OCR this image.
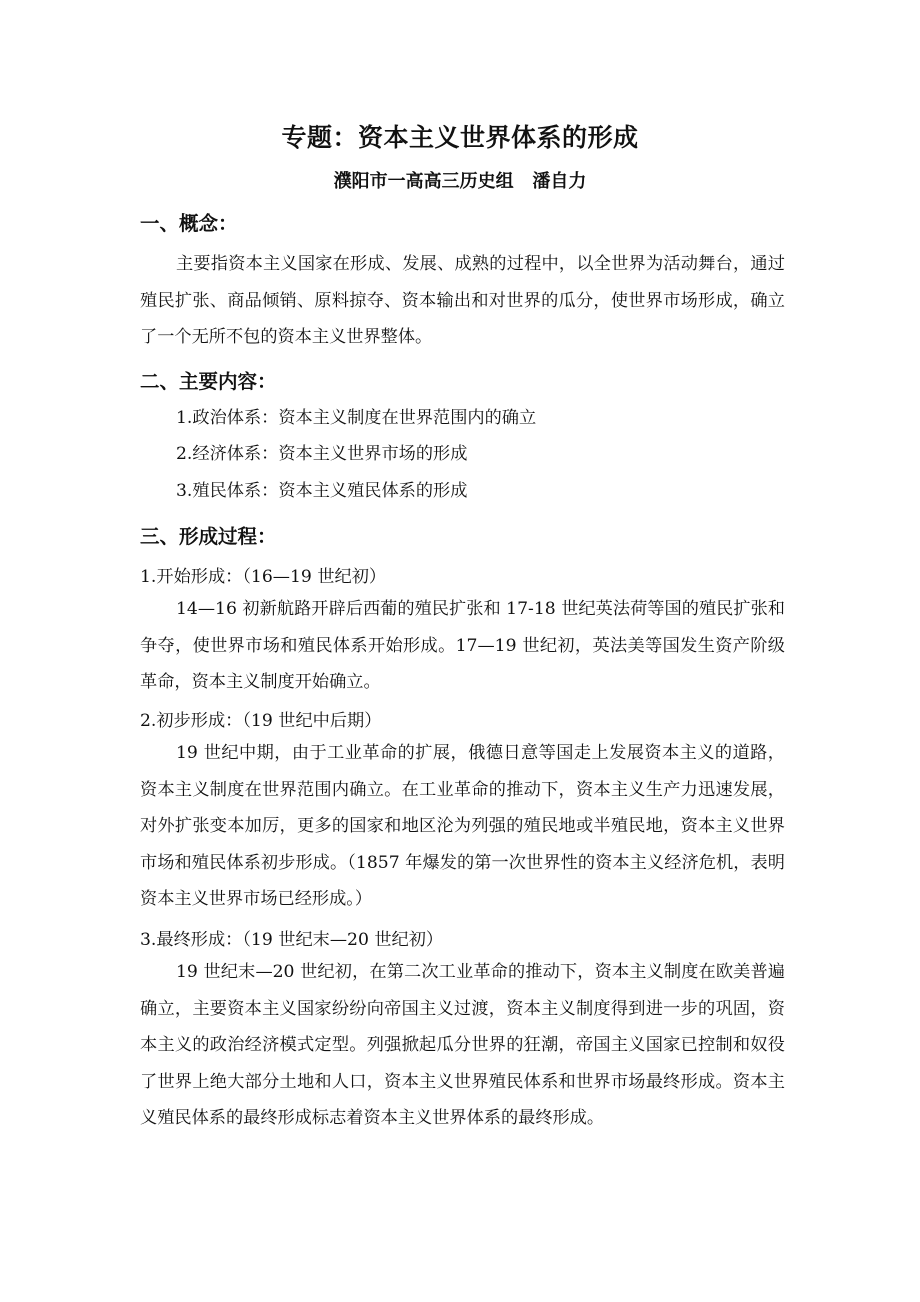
专题：资本主义世界体系的形成
濮阳市一高高三历史组   潘自力
一、概念：
主要指资本主义国家在形成、发展、成熟的过程中，以全世界为活动舞台，通过殖民扩张、商品倾销、原料掠夺、资本输出和对世界的瓜分，使世界市场形成，确立了一个无所不包的资本主义世界整体。
二、主要内容：
1.政治体系：资本主义制度在世界范围内的确立
2.经济体系：资本主义世界市场的形成
3.殖民体系：资本主义殖民体系的形成
三、形成过程：
1.开始形成：（16—19 世纪初）
14—16 初新航路开辟后西葡的殖民扩张和 17-18 世纪英法荷等国的殖民扩张和争夺，使世界市场和殖民体系开始形成。17—19 世纪初，英法美等国发生资产阶级革命，资本主义制度开始确立。
2.初步形成：（19 世纪中后期）
19 世纪中期，由于工业革命的扩展，俄德日意等国走上发展资本主义的道路，资本主义制度在世界范围内确立。在工业革命的推动下，资本主义生产力迅速发展，对外扩张变本加厉，更多的国家和地区沦为列强的殖民地或半殖民地，资本主义世界市场和殖民体系初步形成。（1857 年爆发的第一次世界性的资本主义经济危机，表明资本主义世界市场已经形成。）
3.最终形成：（19 世纪末—20 世纪初）
19 世纪末—20 世纪初，在第二次工业革命的推动下，资本主义制度在欧美普遍确立，主要资本主义国家纷纷向帝国主义过渡，资本主义制度得到进一步的巩固，资本主义的政治经济模式定型。列强掀起瓜分世界的狂潮，帝国主义国家已控制和奴役了世界上绝大部分土地和人口，资本主义世界殖民体系和世界市场最终形成。资本主义殖民体系的最终形成标志着资本主义世界体系的最终形成。
